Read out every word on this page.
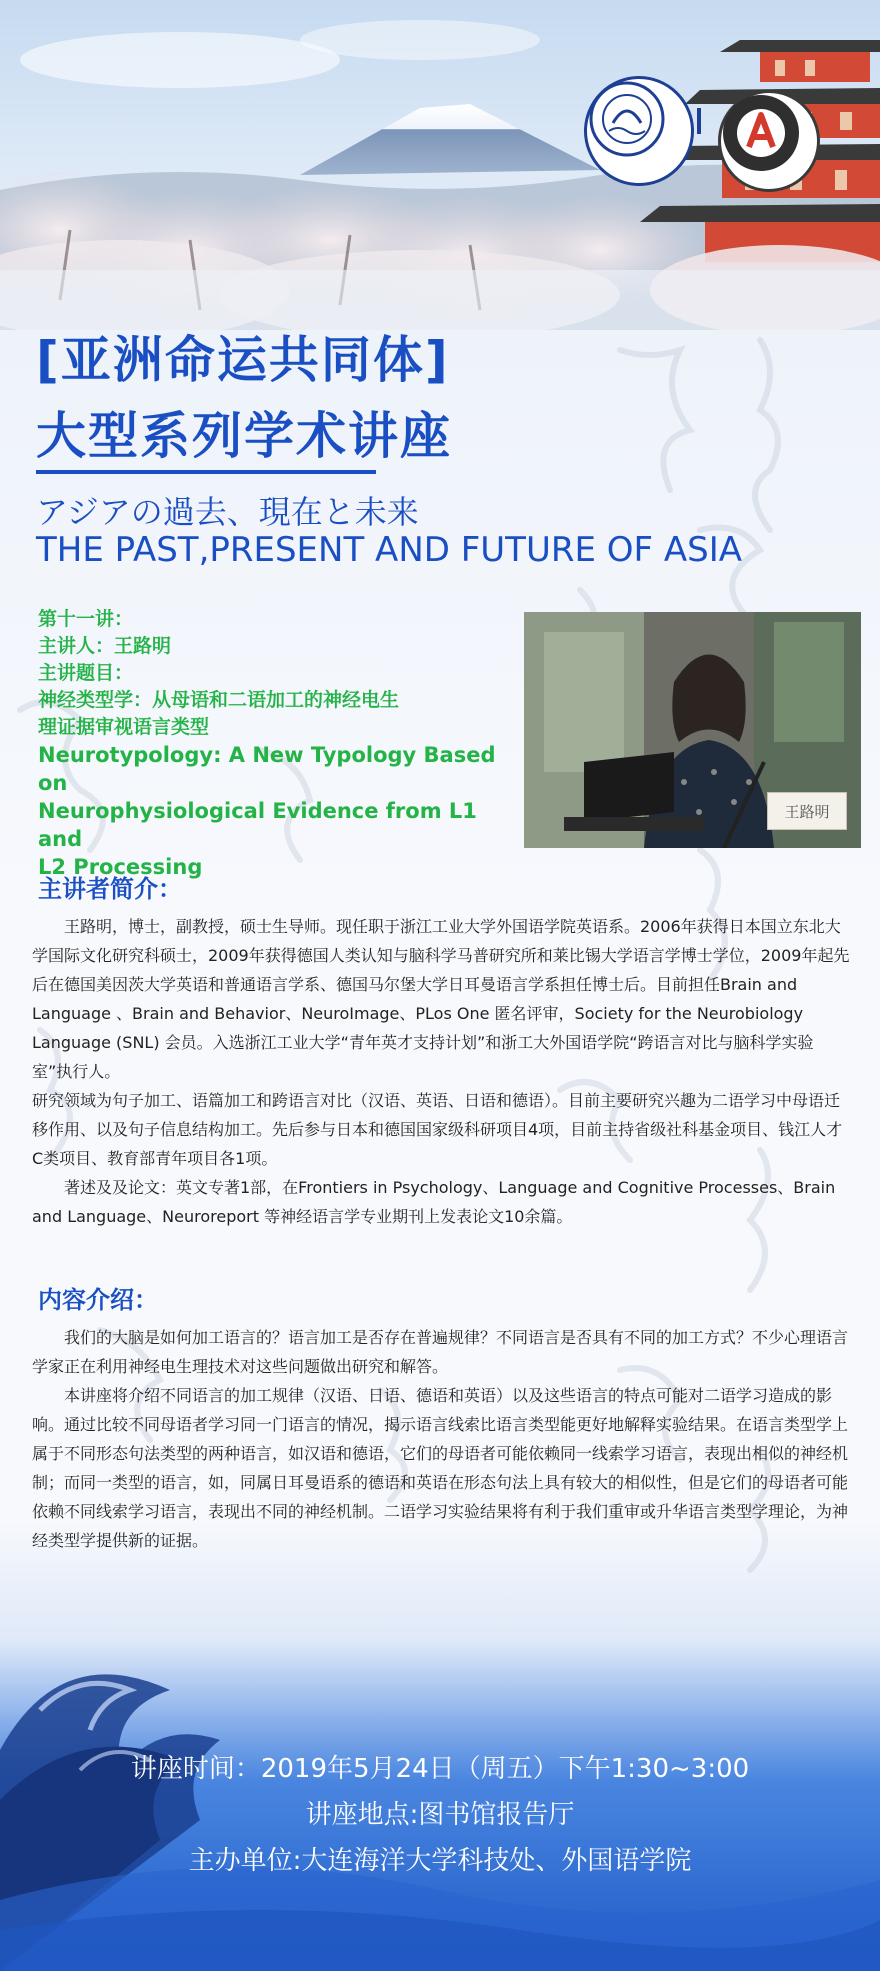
[亚洲命运共同体]
大型系列学术讲座
アジアの過去、現在と未来
THE PAST,PRESENT AND FUTURE OF ASIA
第十一讲：
主讲人：王路明
主讲题目：
神经类型学：从母语和二语加工的神经电生
理证据审视语言类型
Neurotypology: A New Typology Based on
Neurophysiological Evidence from L1 and
L2 Processing
王路明
主讲者简介：

王路明，博士，副教授，硕士生导师。现任职于浙江工业大学外国语学院英语系。2006年获得日本国立东北大学国际文化研究科硕士，2009年获得德国人类认知与脑科学马普研究所和莱比锡大学语言学博士学位，2009年起先后在德国美因茨大学英语和普通语言学系、德国马尔堡大学日耳曼语言学系担任博士后。目前担任Brain and Language 、Brain and Behavior、NeuroImage、PLos One 匿名评审，Society for the Neurobiology Language (SNL) 会员。入选浙江工业大学“青年英才支持计划”和浙工大外国语学院“跨语言对比与脑科学实验室”执行人。

研究领域为句子加工、语篇加工和跨语言对比（汉语、英语、日语和德语）。目前主要研究兴趣为二语学习中母语迁移作用、以及句子信息结构加工。先后参与日本和德国国家级科研项目4项，目前主持省级社科基金项目、钱江人才C类项目、教育部青年项目各1项。

著述及及论文：英文专著1部，在Frontiers in Psychology、Language and Cognitive Processes、Brain and Language、Neuroreport 等神经语言学专业期刊上发表论文10余篇。

内容介绍：

我们的大脑是如何加工语言的？语言加工是否存在普遍规律？不同语言是否具有不同的加工方式？不少心理语言学家正在利用神经电生理技术对这些问题做出研究和解答。

本讲座将介绍不同语言的加工规律（汉语、日语、德语和英语）以及这些语言的特点可能对二语学习造成的影响。通过比较不同母语者学习同一门语言的情况，揭示语言线索比语言类型能更好地解释实验结果。在语言类型学上属于不同形态句法类型的两种语言，如汉语和德语，它们的母语者可能依赖同一线索学习语言，表现出相似的神经机制；而同一类型的语言，如，同属日耳曼语系的德语和英语在形态句法上具有较大的相似性，但是它们的母语者可能依赖不同线索学习语言，表现出不同的神经机制。二语学习实验结果将有利于我们重审或升华语言类型学理论，为神经类型学提供新的证据。

讲座时间：2019年5月24日（周五）下午1:30~3:00
讲座地点:图书馆报告厅
主办单位:大连海洋大学科技处、外国语学院
